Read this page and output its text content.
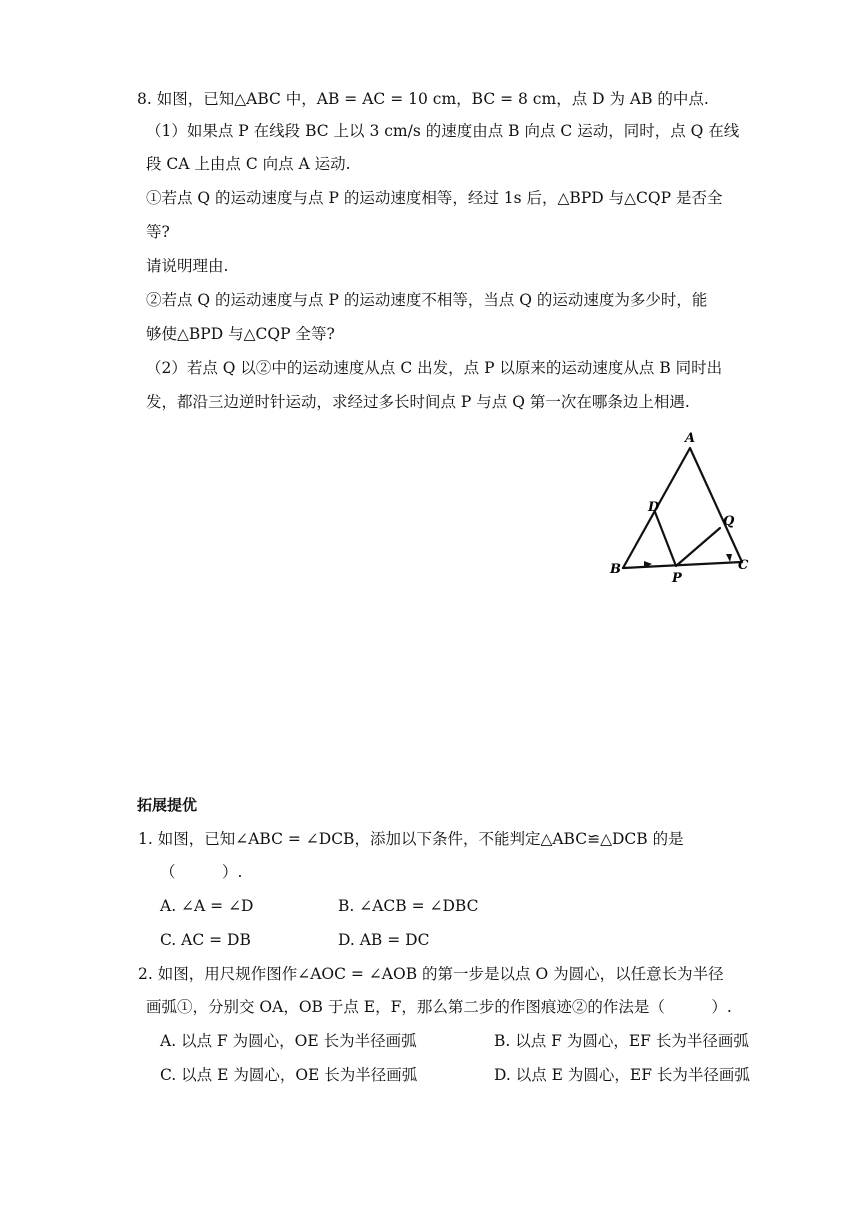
8. 如图，已知△ABC 中，AB = AC = 10 cm，BC = 8 cm，点 D 为 AB 的中点.
（1）如果点 P 在线段 BC 上以 3 cm/s 的速度由点 B 向点 C 运动，同时，点 Q 在线
段 CA 上由点 C 向点 A 运动.
①若点 Q 的运动速度与点 P 的运动速度相等，经过 1s 后，△BPD 与△CQP 是否全
等?
请说明理由.
②若点 Q 的运动速度与点 P 的运动速度不相等，当点 Q 的运动速度为多少时，能
够使△BPD 与△CQP 全等?
（2）若点 Q 以②中的运动速度从点 C 出发，点 P 以原来的运动速度从点 B 同时出
发，都沿三边逆时针运动，求经过多长时间点 P 与点 Q 第一次在哪条边上相遇.
A
D
Q
B	C
P
拓展提优
1. 如图，已知∠ABC = ∠DCB，添加以下条件，不能判定△ABC≌△DCB 的是
（　　　）.
A. ∠A = ∠D	B. ∠ACB = ∠DBC
C. AC = DB	D. AB = DC
2. 如图，用尺规作图作∠AOC = ∠AOB 的第一步是以点 O 为圆心，以任意长为半径
画弧①，分别交 OA，OB 于点 E，F，那么第二步的作图痕迹②的作法是（　　　）.
A. 以点 F 为圆心，OE 长为半径画弧	B. 以点 F 为圆心，EF 长为半径画弧
C. 以点 E 为圆心，OE 长为半径画弧	D. 以点 E 为圆心，EF 长为半径画弧
